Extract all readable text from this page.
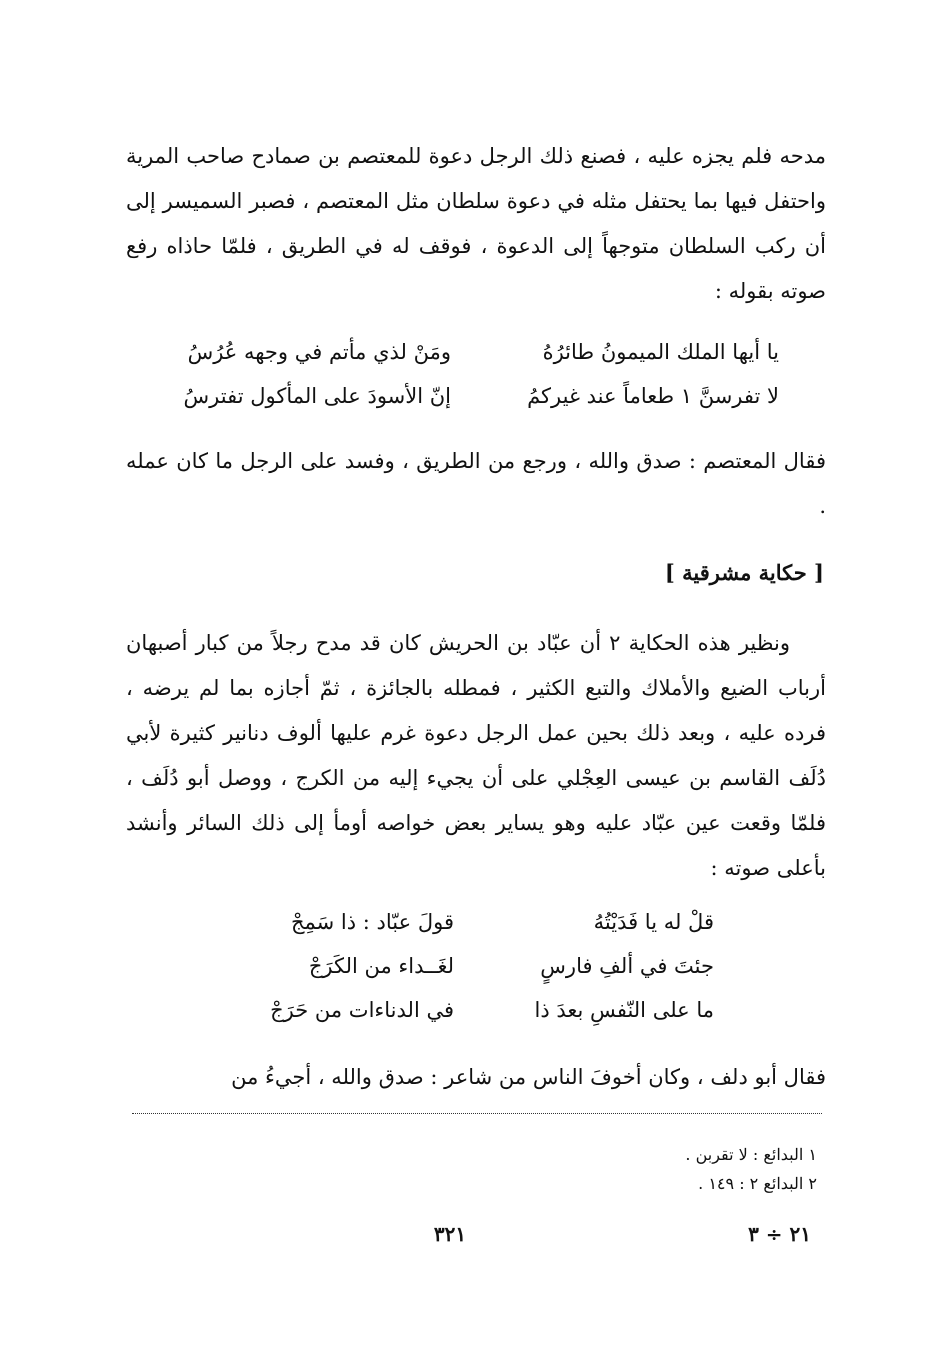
مدحه فلم يجزه عليه ، فصنع ذلك الرجل دعوة للمعتصم بن صمادح صاحب المرية واحتفل فيها بما يحتفل مثله في دعوة سلطان مثل المعتصم ، فصبر السميسر إلى أن ركب السلطان متوجهاً إلى الدعوة ، فوقف له في الطريق ، فلمّا حاذاه رفع صوته بقوله :

يا أيها الملك الميمونُ طائرُهُومَنْ لذي مأتم في وجهه عُرُسُ
لا تفرسنَّ ١ طعاماً عند غيركمُإنّ الأسودَ على المأكول تفترسُ

فقال المعتصم : صدق والله ، ورجع من الطريق ، وفسد على الرجل ما كان عمله .

[ حكاية مشرقية ]

ونظير هذه الحكاية ٢ أن عبّاد بن الحريش كان قد مدح رجلاً من كبار أصبهان أرباب الضيع والأملاك والتبع الكثير ، فمطله بالجائزة ، ثمّ أجازه بما لم يرضه ، فرده عليه ، وبعد ذلك بحين عمل الرجل دعوة غرم عليها ألوف دنانير كثيرة لأبي دُلَف القاسم بن عيسى العِجْلي على أن يجيء إليه من الكرج ، ووصل أبو دُلَف ، فلمّا وقعت عين عبّاد عليه وهو يساير بعض خواصه أومأ إلى ذلك السائر وأنشد بأعلى صوته :

قلْ له يا فَدَيْتُهُقولَ عبّاد : ذا سَمِجْ
جئتَ في ألفِ فارسٍلغَــداء من الكَرَجْ
ما على النّفسِ بعدَ ذافي الدناءات من حَرَجْ

فقال أبو دلف ، وكان أخوفَ الناس من شاعر : صدق والله ، أجيءُ من

١ البدائع : لا تقربن .
٢ البدائع ٢ : ١٤٩ .
٣٢١	٢١ ÷ ٣
